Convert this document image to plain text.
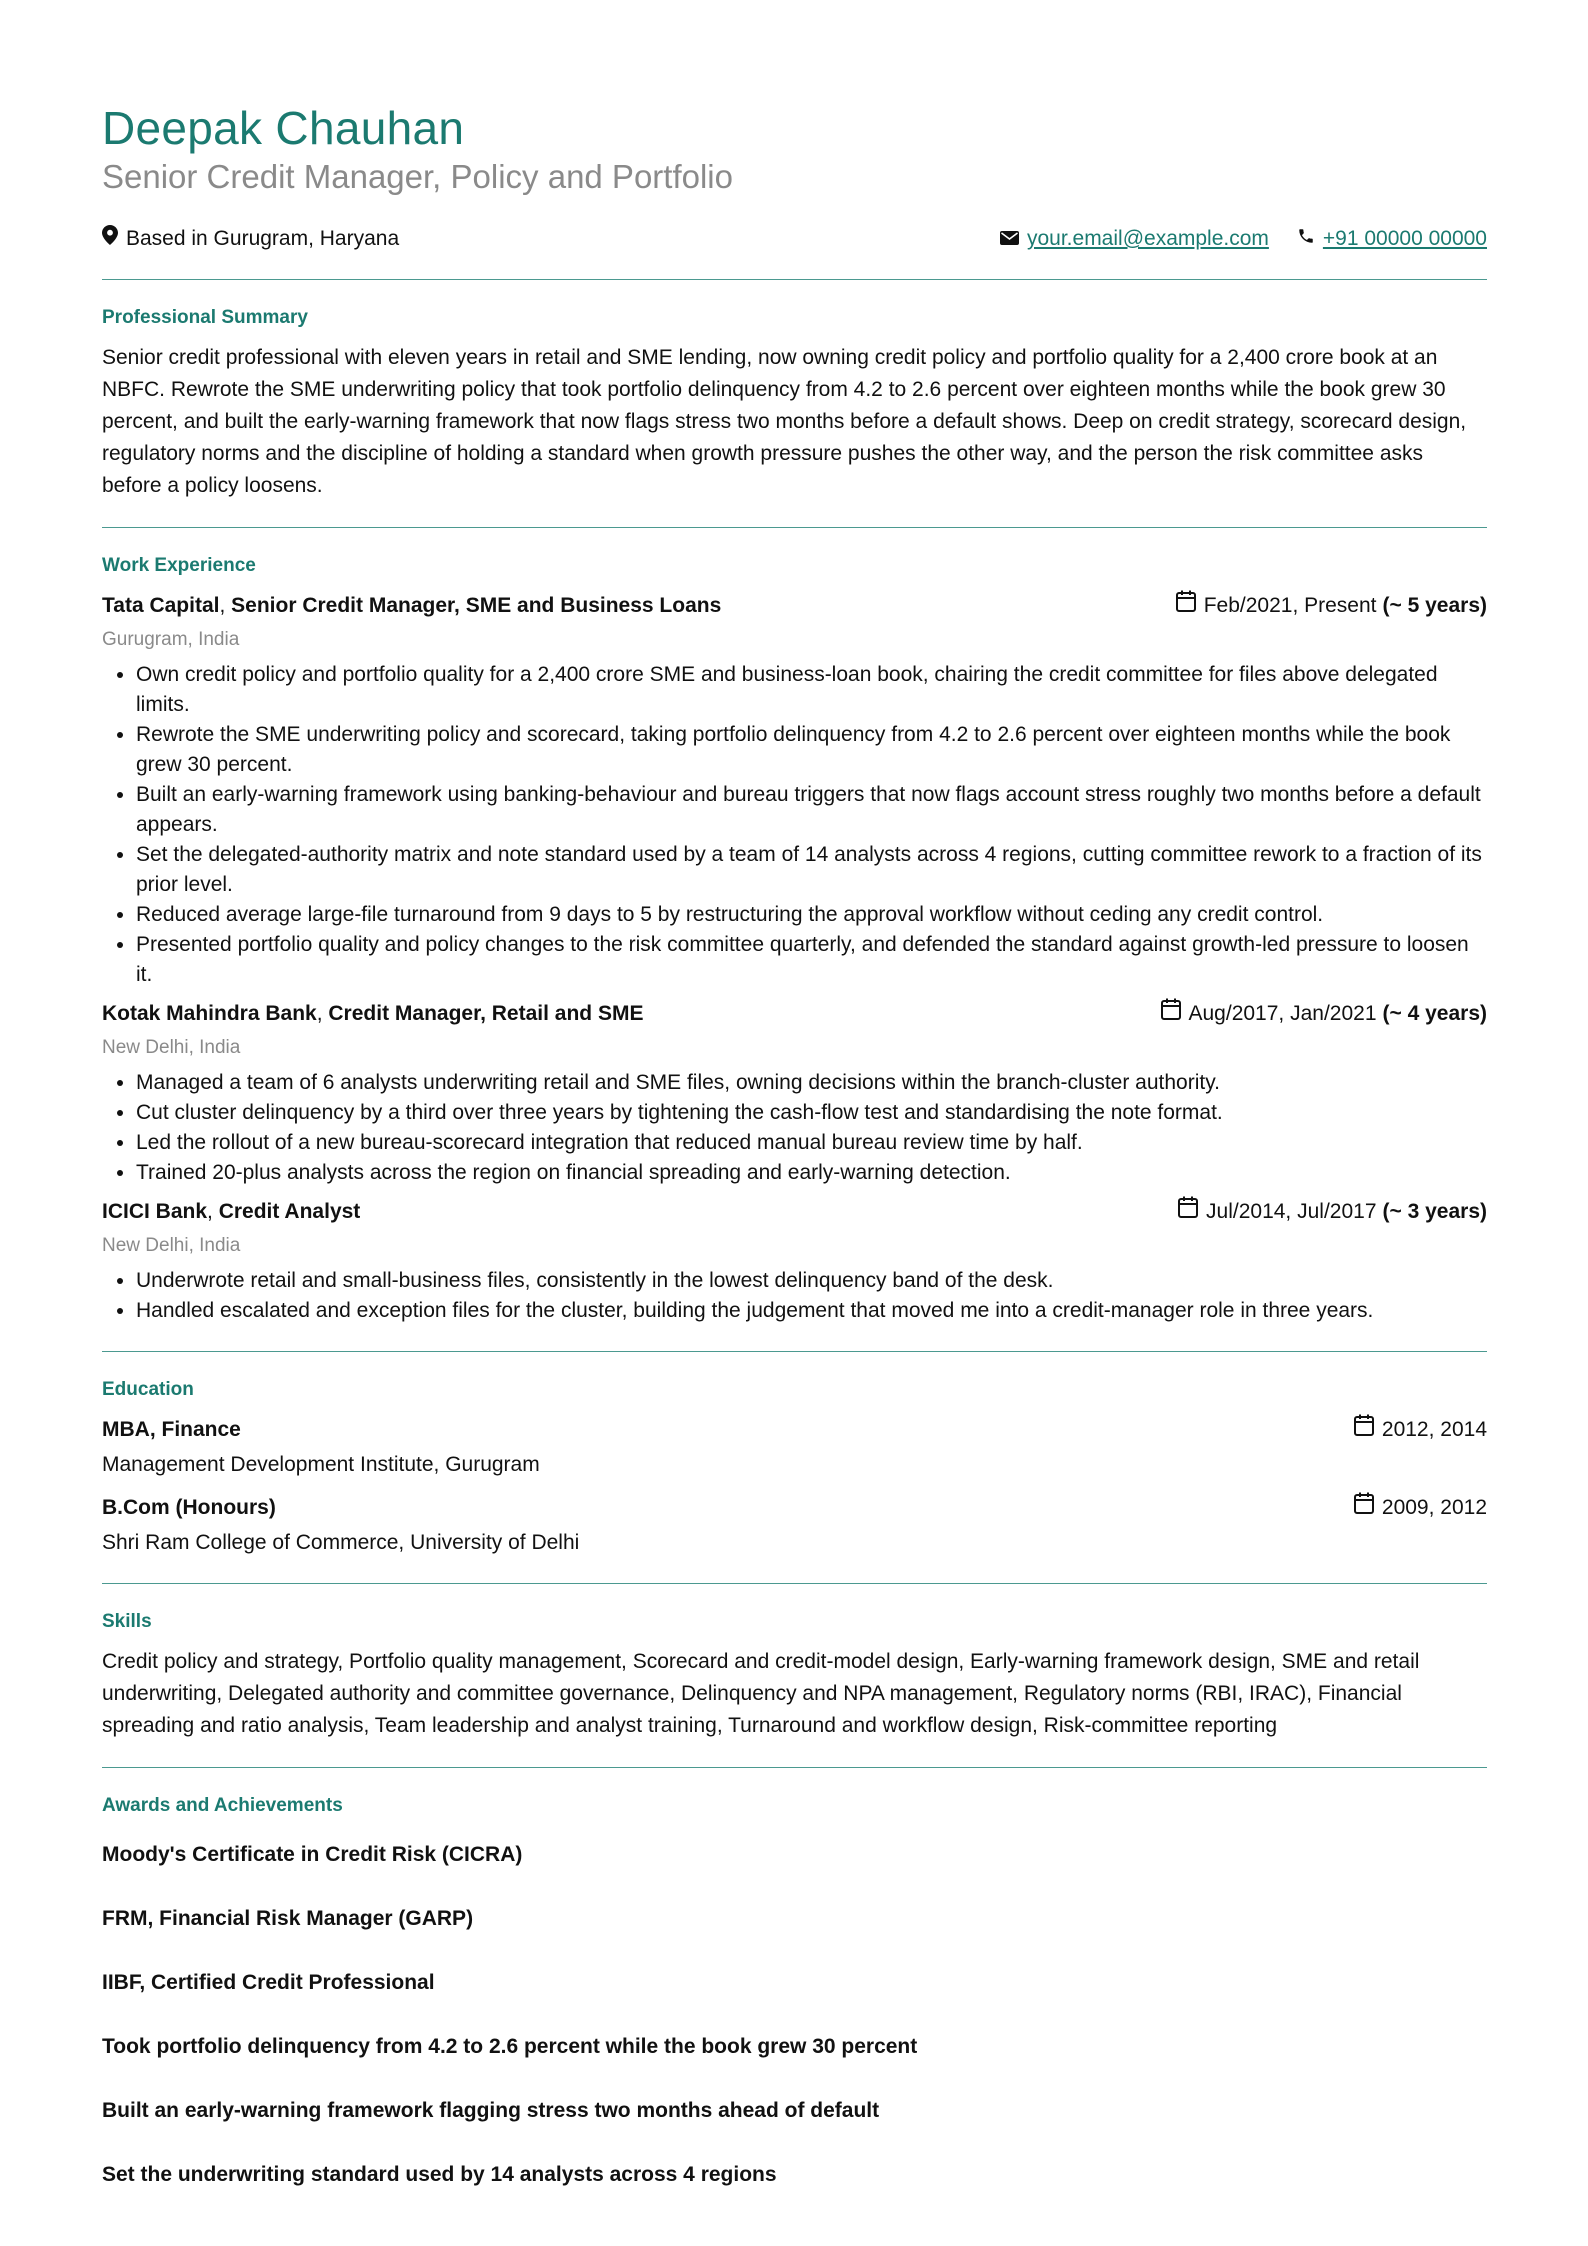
Deepak Chauhan
Senior Credit Manager, Policy and Portfolio
Based in Gurugram, Haryana	your.email@example.com	+91 00000 00000
Professional Summary

Senior credit professional with eleven years in retail and SME lending, now owning credit policy and portfolio quality for a 2,400 crore book at an NBFC. Rewrote the SME underwriting policy that took portfolio delinquency from 4.2 to 2.6 percent over eighteen months while the book grew 30 percent, and built the early-warning framework that now flags stress two months before a default shows. Deep on credit strategy, scorecard design, regulatory norms and the discipline of holding a standard when growth pressure pushes the other way, and the person the risk committee asks before a policy loosens.

Work Experience
Tata Capital, Senior Credit Manager, SME and Business Loans	Feb/2021, Present (~ 5 years)
Gurugram, India
• Own credit policy and portfolio quality for a 2,400 crore SME and business-loan book, chairing the credit committee for files above delegated limits.
• Rewrote the SME underwriting policy and scorecard, taking portfolio delinquency from 4.2 to 2.6 percent over eighteen months while the book grew 30 percent.
• Built an early-warning framework using banking-behaviour and bureau triggers that now flags account stress roughly two months before a default appears.
• Set the delegated-authority matrix and note standard used by a team of 14 analysts across 4 regions, cutting committee rework to a fraction of its prior level.
• Reduced average large-file turnaround from 9 days to 5 by restructuring the approval workflow without ceding any credit control.
• Presented portfolio quality and policy changes to the risk committee quarterly, and defended the standard against growth-led pressure to loosen it.
Kotak Mahindra Bank, Credit Manager, Retail and SME	Aug/2017, Jan/2021 (~ 4 years)
New Delhi, India
• Managed a team of 6 analysts underwriting retail and SME files, owning decisions within the branch-cluster authority.
• Cut cluster delinquency by a third over three years by tightening the cash-flow test and standardising the note format.
• Led the rollout of a new bureau-scorecard integration that reduced manual bureau review time by half.
• Trained 20-plus analysts across the region on financial spreading and early-warning detection.
ICICI Bank, Credit Analyst	Jul/2014, Jul/2017 (~ 3 years)
New Delhi, India
• Underwrote retail and small-business files, consistently in the lowest delinquency band of the desk.
• Handled escalated and exception files for the cluster, building the judgement that moved me into a credit-manager role in three years.
Education
MBA, Finance	2012, 2014
Management Development Institute, Gurugram
B.Com (Honours)	2009, 2012
Shri Ram College of Commerce, University of Delhi
Skills

Credit policy and strategy, Portfolio quality management, Scorecard and credit-model design, Early-warning framework design, SME and retail underwriting, Delegated authority and committee governance, Delinquency and NPA management, Regulatory norms (RBI, IRAC), Financial spreading and ratio analysis, Team leadership and analyst training, Turnaround and workflow design, Risk-committee reporting

Awards and Achievements
Moody's Certificate in Credit Risk (CICRA)
FRM, Financial Risk Manager (GARP)
IIBF, Certified Credit Professional
Took portfolio delinquency from 4.2 to 2.6 percent while the book grew 30 percent
Built an early-warning framework flagging stress two months ahead of default
Set the underwriting standard used by 14 analysts across 4 regions
